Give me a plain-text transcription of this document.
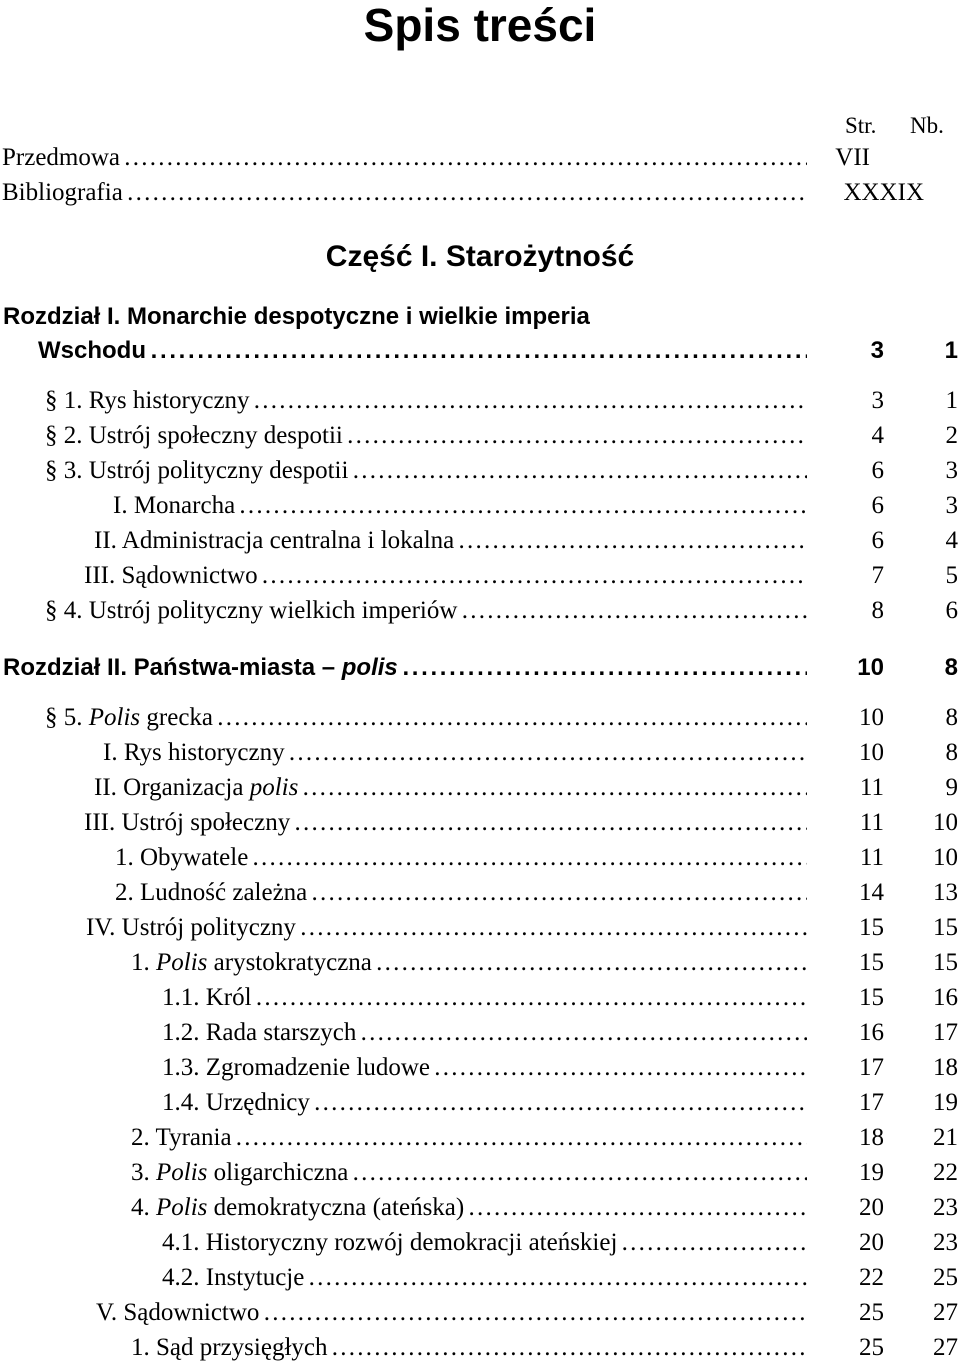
Spis treści
Str. Nb.
Przedmowa . . .	VII
Bibliografia . . .	XXXIX
Część I. Starożytność
Rozdział I. Monarchie despotyczne i wielkie imperia
Wschodu . . .	3	1
§ 1. Rys historyczny . . .	3 1
§ 2. Ustrój społeczny despotii . . .	4 2
§ 3. Ustrój polityczny despotii . . .	6 3
I. Monarcha . . .	6 3
II. Administracja centralna i lokalna . . .	6 4
III. Sądownictwo . . .	7 5
§ 4. Ustrój polityczny wielkich imperiów . . .	8 6
Rozdział II. Państwa-miasta – polis . . .	10	8
§ 5. Polis grecka . . .	10 8
I. Rys historyczny . . .	10 8
II. Organizacja polis . . .	11 9
III. Ustrój społeczny . . .	11 10
1. Obywatele . . .	11 10
2. Ludność zależna . . .	14 13
IV. Ustrój polityczny . . .	15 15
1. Polis arystokratyczna . . .	15 15
1.1. Król . . .	15 16
1.2. Rada starszych . . .	16 17
1.3. Zgromadzenie ludowe . . .	17 18
1.4. Urzędnicy . . .	17 19
2. Tyrania . . .	18 21
3. Polis oligarchiczna . . .	19 22
4. Polis demokratyczna (ateńska) . . .	20 23
4.1. Historyczny rozwój demokracji ateńskiej . . .	20 23
4.2. Instytucje . . .	22 25
V. Sądownictwo . . .	25 27
1. Sąd przysięgłych . . .	25 27
